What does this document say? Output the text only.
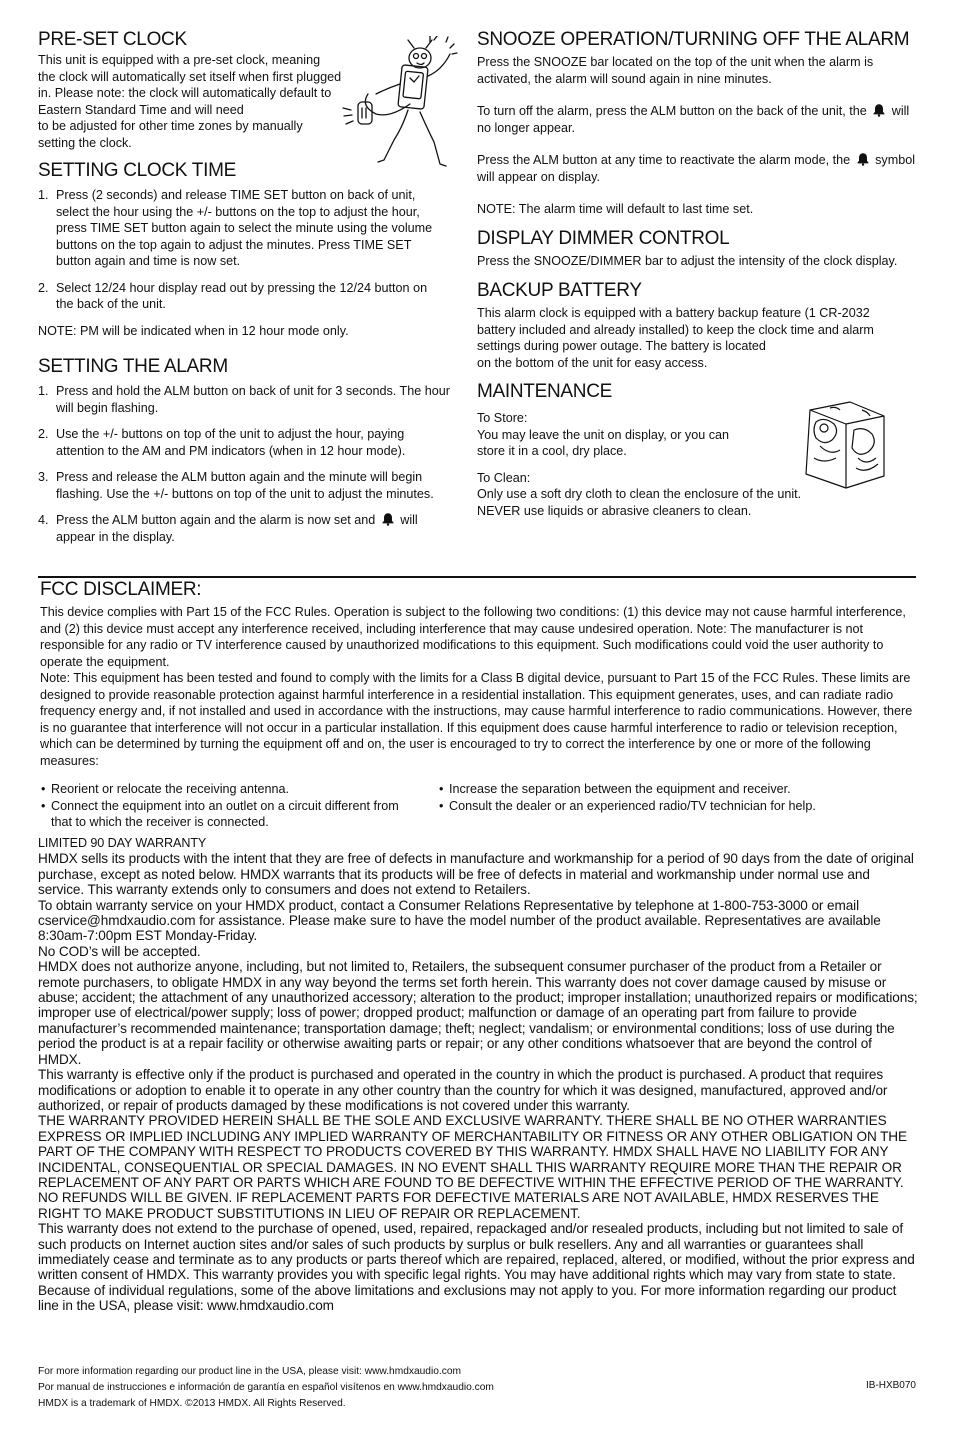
PRE-SET CLOCK

This unit is equipped with a pre-set clock, meaning
the clock will automatically set itself when first plugged
in. Please note: the clock will automatically default to
Eastern Standard Time and will need
to be adjusted for other time zones by manually
setting the clock.

SETTING CLOCK TIME
1. Press (2 seconds) and release TIME SET button on back of unit, select the hour using the +/- buttons on the top to adjust the hour, press TIME SET button again to select the minute using the volume buttons on the top again to adjust the minutes. Press TIME SET button again and time is now set.
2. Select 12/24 hour display read out by pressing the 12/24 button on the back of the unit.

NOTE: PM will be indicated when in 12 hour mode only.

SETTING THE ALARM
1. Press and hold the ALM button on back of unit for 3 seconds. The hour will begin flashing.
2. Use the +/- buttons on top of the unit to adjust the hour, paying attention to the AM and PM indicators (when in 12 hour mode).
3. Press and release the ALM button again and the minute will begin flashing. Use the +/- buttons on top of the unit to adjust the minutes.
4. Press the ALM button again and the alarm is now set and will appear in the display.
SNOOZE OPERATION/TURNING OFF THE ALARM

Press the SNOOZE bar located on the top of the unit when the alarm is activated, the alarm will sound again in nine minutes.

To turn off the alarm, press the ALM button on the back of the unit, the will no longer appear.

Press the ALM button at any time to reactivate the alarm mode, the symbol will appear on display.

NOTE: The alarm time will default to last time set.

DISPLAY DIMMER CONTROL

Press the SNOOZE/DIMMER bar to adjust the intensity of the clock display.

BACKUP BATTERY

This alarm clock is equipped with a battery backup feature (1 CR-2032
battery included and already installed) to keep the clock time and alarm
settings during power outage. The battery is located
on the bottom of the unit for easy access.

MAINTENANCE

To Store:

You may leave the unit on display, or you can
store it in a cool, dry place.

To Clean:

Only use a soft dry cloth to clean the enclosure of the unit.
NEVER use liquids or abrasive cleaners to clean.

FCC DISCLAIMER:

This device complies with Part 15 of the FCC Rules. Operation is subject to the following two conditions: (1) this device may not cause harmful interference, and (2) this device must accept any interference received, including interference that may cause undesired operation. Note: The manufacturer is not responsible for any radio or TV interference caused by unauthorized modifications to this equipment. Such modifications could void the user authority to operate the equipment.

Note: This equipment has been tested and found to comply with the limits for a Class B digital device, pursuant to Part 15 of the FCC Rules. These limits are designed to provide reasonable protection against harmful interference in a residential installation. This equipment generates, uses, and can radiate radio frequency energy and, if not installed and used in accordance with the instructions, may cause harmful interference to radio communications. However, there is no guarantee that interference will not occur in a particular installation. If this equipment does cause harmful interference to radio or television reception, which can be determined by turning the equipment off and on, the user is encouraged to try to correct the interference by one or more of the following measures:

• Reorient or relocate the receiving antenna.
• Connect the equipment into an outlet on a circuit different from that to which the receiver is connected.
• Increase the separation between the equipment and receiver.
• Consult the dealer or an experienced radio/TV technician for help.

LIMITED 90 DAY WARRANTY

HMDX sells its products with the intent that they are free of defects in manufacture and workmanship for a period of 90 days from the date of original purchase, except as noted below. HMDX warrants that its products will be free of defects in material and workmanship under normal use and service. This warranty extends only to consumers and does not extend to Retailers.

To obtain warranty service on your HMDX product, contact a Consumer Relations Representative by telephone at 1-800-753-3000 or email cservice@hmdxaudio.com for assistance. Please make sure to have the model number of the product available. Representatives are available 8:30am-7:00pm EST Monday-Friday.

No COD’s will be accepted.

HMDX does not authorize anyone, including, but not limited to, Retailers, the subsequent consumer purchaser of the product from a Retailer or remote purchasers, to obligate HMDX in any way beyond the terms set forth herein. This warranty does not cover damage caused by misuse or abuse; accident; the attachment of any unauthorized accessory; alteration to the product; improper installation; unauthorized repairs or modifications; improper use of electrical/power supply; loss of power; dropped product; malfunction or damage of an operating part from failure to provide manufacturer’s recommended maintenance; transportation damage; theft; neglect; vandalism; or environmental conditions; loss of use during the period the product is at a repair facility or otherwise awaiting parts or repair; or any other conditions whatsoever that are beyond the control of HMDX.

This warranty is effective only if the product is purchased and operated in the country in which the product is purchased. A product that requires modifications or adoption to enable it to operate in any other country than the country for which it was designed, manufactured, approved and/or authorized, or repair of products damaged by these modifications is not covered under this warranty.

THE WARRANTY PROVIDED HEREIN SHALL BE THE SOLE AND EXCLUSIVE WARRANTY. THERE SHALL BE NO OTHER WARRANTIES EXPRESS OR IMPLIED INCLUDING ANY IMPLIED WARRANTY OF MERCHANTABILITY OR FITNESS OR ANY OTHER OBLIGATION ON THE PART OF THE COMPANY WITH RESPECT TO PRODUCTS COVERED BY THIS WARRANTY. HMDX SHALL HAVE NO LIABILITY FOR ANY INCIDENTAL, CONSEQUENTIAL OR SPECIAL DAMAGES. IN NO EVENT SHALL THIS WARRANTY REQUIRE MORE THAN THE REPAIR OR REPLACEMENT OF ANY PART OR PARTS WHICH ARE FOUND TO BE DEFECTIVE WITHIN THE EFFECTIVE PERIOD OF THE WARRANTY.

NO REFUNDS WILL BE GIVEN. IF REPLACEMENT PARTS FOR DEFECTIVE MATERIALS ARE NOT AVAILABLE, HMDX RESERVES THE RIGHT TO MAKE PRODUCT SUBSTITUTIONS IN LIEU OF REPAIR OR REPLACEMENT.

This warranty does not extend to the purchase of opened, used, repaired, repackaged and/or resealed products, including but not limited to sale of such products on Internet auction sites and/or sales of such products by surplus or bulk resellers. Any and all warranties or guarantees shall immediately cease and terminate as to any products or parts thereof which are repaired, replaced, altered, or modified, without the prior express and written consent of HMDX. This warranty provides you with specific legal rights. You may have additional rights which may vary from state to state. Because of individual regulations, some of the above limitations and exclusions may not apply to you. For more information regarding our product line in the USA, please visit: www.hmdxaudio.com

For more information regarding our product line in the USA, please visit: www.hmdxaudio.com
Por manual de instrucciones e información de garantía en español visítenos en www.hmdxaudio.com
HMDX is a trademark of HMDX. ©2013 HMDX. All Rights Reserved.
IB-HXB070
